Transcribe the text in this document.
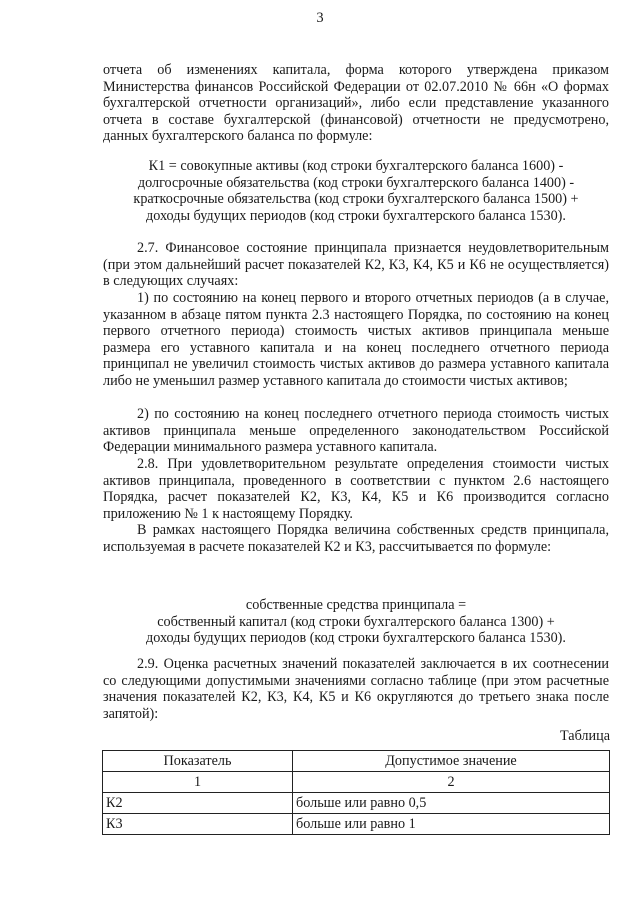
3

отчета об изменениях капитала, форма которого утверждена приказом Министерства финансов Российской Федерации от 02.07.2010 № 66н «О формах бухгалтерской отчетности организаций», либо если представление указанного отчета в составе бухгалтерской (финансовой) отчетности не предусмотрено, данных бухгалтерского баланса по формуле:

К1 = совокупные активы (код строки бухгалтерского баланса 1600) -
долгосрочные обязательства (код строки бухгалтерского баланса 1400) -
краткосрочные обязательства (код строки бухгалтерского баланса 1500) +
доходы будущих периодов (код строки бухгалтерского баланса 1530).

2.7. Финансовое состояние принципала признается неудовлетворительным (при этом дальнейший расчет показателей К2, К3, К4, К5 и К6 не осуществляется) в следующих случаях:

1) по состоянию на конец первого и второго отчетных периодов (а в случае, указанном в абзаце пятом пункта 2.3 настоящего Порядка, по состоянию на конец первого отчетного периода) стоимость чистых активов принципала меньше размера его уставного капитала и на конец последнего отчетного периода принципал не увеличил стоимость чистых активов до размера уставного капитала либо не уменьшил размер уставного капитала до стоимости чистых активов;

2) по состоянию на конец последнего отчетного периода стоимость чистых активов принципала меньше определенного законодательством Российской Федерации минимального размера уставного капитала.

2.8. При удовлетворительном результате определения стоимости чистых активов принципала, проведенного в соответствии с пунктом 2.6 настоящего Порядка, расчет показателей К2, К3, К4, К5 и К6 производится согласно приложению № 1 к настоящему Порядку.

В рамках настоящего Порядка величина собственных средств принципала, используемая в расчете показателей К2 и К3, рассчитывается по формуле:

собственные средства принципала =
собственный капитал (код строки бухгалтерского баланса 1300) +
доходы будущих периодов (код строки бухгалтерского баланса 1530).

2.9. Оценка расчетных значений показателей заключается в их соотнесении со следующими допустимыми значениями согласно таблице (при этом расчетные значения показателей К2, К3, К4, К5 и К6 округляются до третьего знака после запятой):

Таблица
Показатель	Допустимое значение
1	2
К2	больше или равно 0,5
К3	больше или равно 1
